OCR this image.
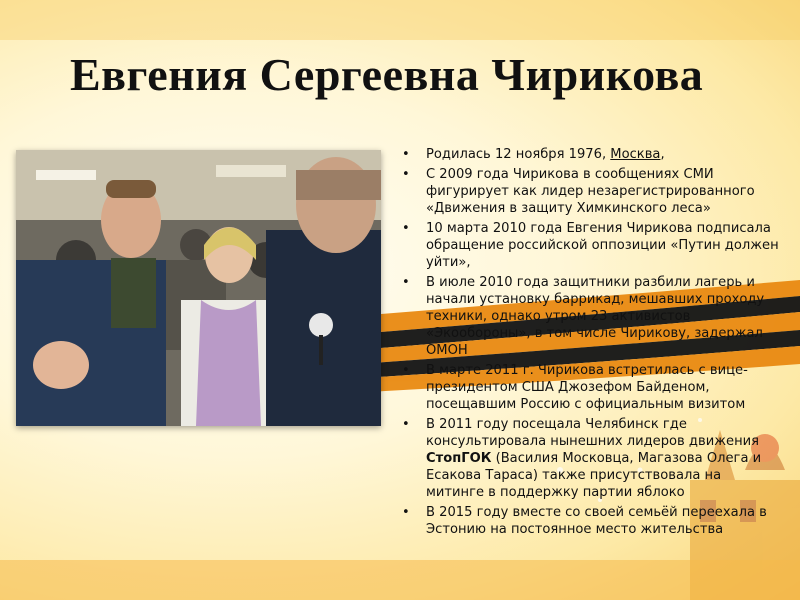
Евгения Сергеевна Чирикова
• Родилась 12 ноября 1976, Москва,
• С 2009 года Чирикова в сообщениях СМИ фигурирует как лидер незарегистрированного «Движения в защиту Химкинского леса»
• 10 марта 2010 года Евгения Чирикова подписала обращение российской оппозиции «Путин должен уйти»,
• В июле 2010 года защитники разбили лагерь и начали установку баррикад, мешавших проходу техники, однако утром 23 активистов «Экообороны», в том числе Чирикову, задержал ОМОН
• В марте 2011 г. Чирикова встретилась с вице-президентом США Джозефом Байденом, посещавшим Россию с официальным визитом
• В 2011 году посещала Челябинск где консультировала нынешних лидеров движения СтопГОК (Василия Московца, Магазова Олега и Есакова Тараса) также присутствовала на митинге в поддержку партии яблоко
• В 2015 году вместе со своей семьёй переехала в Эстонию на постоянное место жительства
